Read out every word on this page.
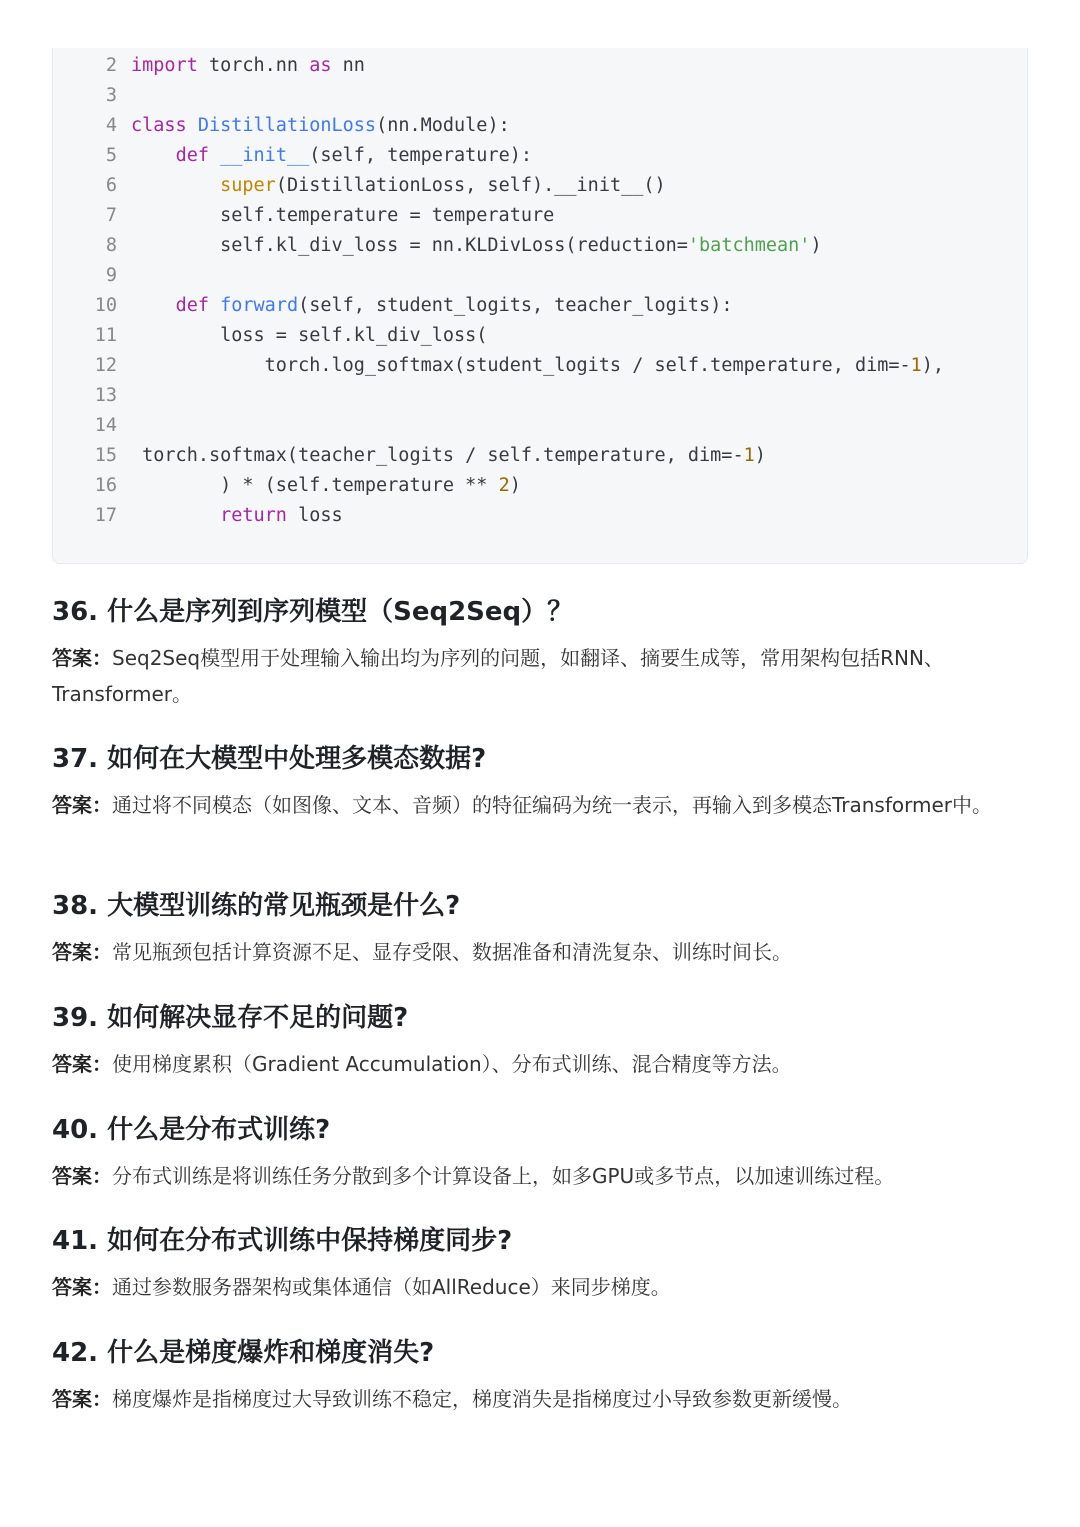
2 import torch.nn as nn
3
4 class DistillationLoss(nn.Module):
5	def __init__(self, temperature):
6	super(DistillationLoss, self).__init__()
7        self.temperature = temperature
8        self.kl_div_loss = nn.KLDivLoss(reduction='batchmean')
9
10	def forward(self, student_logits, teacher_logits):
11        loss = self.kl_div_loss(
12            torch.log_softmax(student_logits / self.temperature, dim=-1),
13
14
15 torch.softmax(teacher_logits / self.temperature, dim=-1)
16        ) * (self.temperature ** 2)
17	return loss
36. 什么是序列到序列模型（Seq2Seq）？
答案：Seq2Seq模型用于处理输入输出均为序列的问题，如翻译、摘要生成等，常用架构包括RNN、Transformer。
37. 如何在大模型中处理多模态数据?
答案：通过将不同模态（如图像、文本、音频）的特征编码为统一表示，再输入到多模态Transformer中。
38. 大模型训练的常见瓶颈是什么?
答案：常见瓶颈包括计算资源不足、显存受限、数据准备和清洗复杂、训练时间长。
39. 如何解决显存不足的问题?
答案：使用梯度累积（Gradient Accumulation）、分布式训练、混合精度等方法。
40. 什么是分布式训练?
答案：分布式训练是将训练任务分散到多个计算设备上，如多GPU或多节点，以加速训练过程。
41. 如何在分布式训练中保持梯度同步?
答案：通过参数服务器架构或集体通信（如AllReduce）来同步梯度。
42. 什么是梯度爆炸和梯度消失?
答案：梯度爆炸是指梯度过大导致训练不稳定，梯度消失是指梯度过小导致参数更新缓慢。
